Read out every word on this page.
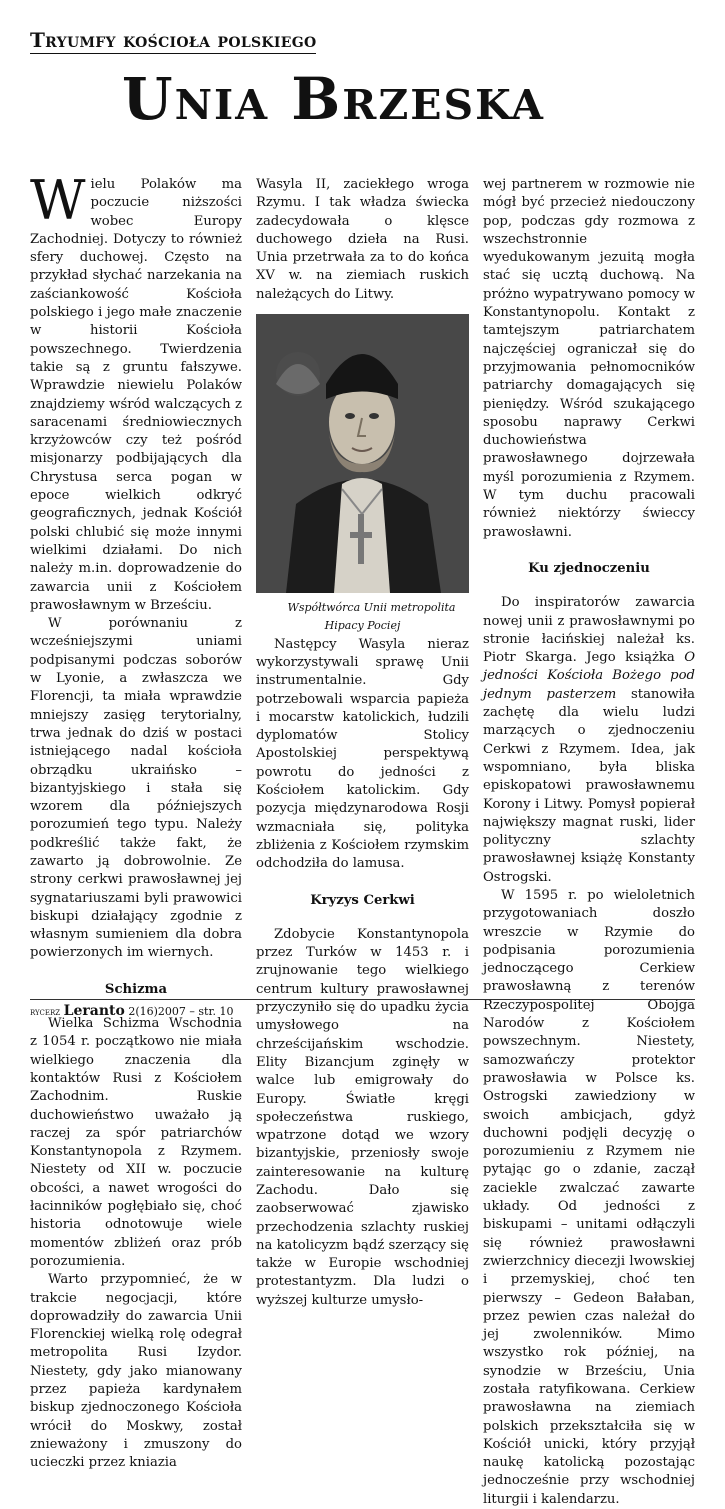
Tryumfy kościoła polskiego
Unia Brzeska

Wielu Polaków ma poczucie niższości wobec Europy Zachodniej. Dotyczy to również sfery duchowej. Często na przykład słychać narzekania na zaściankowość Kościoła polskiego i jego małe znaczenie w historii Kościoła powszechnego. Twierdzenia takie są z gruntu fałszywe. Wprawdzie niewielu Polaków znajdziemy wśród walczących z saracenami średniowiecznych krzyżowców czy też pośród misjonarzy podbijających dla Chrystusa serca pogan w epoce wielkich odkryć geograficznych, jednak Kościół polski chlubić się może innymi wielkimi działami. Do nich należy m.in. doprowadzenie do zawarcia unii z Kościołem prawosławnym w Brześciu.

W porównaniu z wcześniejszymi uniami podpisanymi podczas soborów w Lyonie, a zwłaszcza we Florencji, ta miała wprawdzie mniejszy zasięg terytorialny, trwa jednak do dziś w postaci istniejącego nadal kościoła obrządku ukraińsko – bizantyjskiego i stała się wzorem dla późniejszych porozumień tego typu. Należy podkreślić także fakt, że zawarto ją dobrowolnie. Ze strony cerkwi prawosławnej jej sygnatariuszami byli prawowici biskupi działający zgodnie z własnym sumieniem dla dobra powierzonych im wiernych.

Schizma

Wielka Schizma Wschodnia z 1054 r. początkowo nie miała wielkiego znaczenia dla kontaktów Rusi z Kościołem Zachodnim. Ruskie duchowieństwo uważało ją raczej za spór patriarchów Konstantynopola z Rzymem. Niestety od XII w. poczucie obcości, a nawet wrogości do łacinników pogłębiało się, choć historia odnotowuje wiele momentów zbliżeń oraz prób porozumienia.

Warto przypomnieć, że w trakcie negocjacji, które doprowadziły do zawarcia Unii Florenckiej wielką rolę odegrał metropolita Rusi Izydor. Niestety, gdy jako mianowany przez papieża kardynałem biskup zjednoczonego Kościoła wrócił do Moskwy, został znieważony i zmuszony do ucieczki przez kniazia

Wasyla II, zaciekłego wroga Rzymu. I tak władza świecka zadecydowała o klęsce duchowego dzieła na Rusi. Unia przetrwała za to do końca XV w. na ziemiach ruskich należących do Litwy.

Współtwórca Unii metropolita Hipacy Pociej

Następcy Wasyla nieraz wykorzystywali sprawę Unii instrumentalnie. Gdy potrzebowali wsparcia papieża i mocarstw katolickich, łudzili dyplomatów Stolicy Apostolskiej perspektywą powrotu do jedności z Kościołem katolickim. Gdy pozycja międzynarodowa Rosji wzmacniała się, polityka zbliżenia z Kościołem rzymskim odchodziła do lamusa.

Kryzys Cerkwi

Zdobycie Konstantynopola przez Turków w 1453 r. i zrujnowanie tego wielkiego centrum kultury prawosławnej przyczyniło się do upadku życia umysłowego na chrześcijańskim wschodzie. Elity Bizancjum zginęły w walce lub emigrowały do Europy. Światłe kręgi społeczeństwa ruskiego, wpatrzone dotąd we wzory bizantyjskie, przeniosły swoje zainteresowanie na kulturę Zachodu. Dało się zaobserwować zjawisko przechodzenia szlachty ruskiej na katolicyzm bądź szerzący się także w Europie wschodniej protestantyzm. Dla ludzi o wyższej kulturze umysło-

wej partnerem w rozmowie nie mógł być przecież niedouczony pop, podczas gdy rozmowa z wszechstronnie wyedukowanym jezuitą mogła stać się ucztą duchową. Na próżno wypatrywano pomocy w Konstantynopolu. Kontakt z tamtejszym patriarchatem najczęściej ograniczał się do przyjmowania pełnomocników patriarchy domagających się pieniędzy. Wśród szukającego sposobu naprawy Cerkwi duchowieństwa prawosławnego dojrzewała myśl porozumienia z Rzymem. W tym duchu pracowali również niektórzy świeccy prawosławni.

Ku zjednoczeniu

Do inspiratorów zawarcia nowej unii z prawosławnymi po stronie łacińskiej należał ks. Piotr Skarga. Jego książka O jedności Kościoła Bożego pod jednym pasterzem stanowiła zachętę dla wielu ludzi marzących o zjednoczeniu Cerkwi z Rzymem. Idea, jak wspomniano, była bliska episkopatowi prawosławnemu Korony i Litwy. Pomysł popierał największy magnat ruski, lider polityczny szlachty prawosławnej książę Konstanty Ostrogski.

W 1595 r. po wieloletnich przygotowaniach doszło wreszcie w Rzymie do podpisania porozumienia jednoczącego Cerkiew prawosławną z terenów Rzeczypospolitej Obojga Narodów z Kościołem powszechnym. Niestety, samozwańczy protektor prawosławia w Polsce ks. Ostrogski zawiedziony w swoich ambicjach, gdyż duchowni podjęli decyzję o porozumieniu z Rzymem nie pytając go o zdanie, zaczął zaciekle zwalczać zawarte układy. Od jedności z biskupami – unitami odłączyli się również prawosławni zwierzchnicy diecezji lwowskiej i przemyskiej, choć ten pierwszy – Gedeon Bałaban, przez pewien czas należał do jej zwolenników. Mimo wszystko rok później, na synodzie w Brześciu, Unia została ratyfikowana. Cerkiew prawosławna na ziemiach polskich przekształciła się w Kościół unicki, który przyjął naukę katolicką pozostając jednocześnie przy wschodniej liturgii i kalendarzu.

rycerz Leranto 2(16)2007 – str. 10
